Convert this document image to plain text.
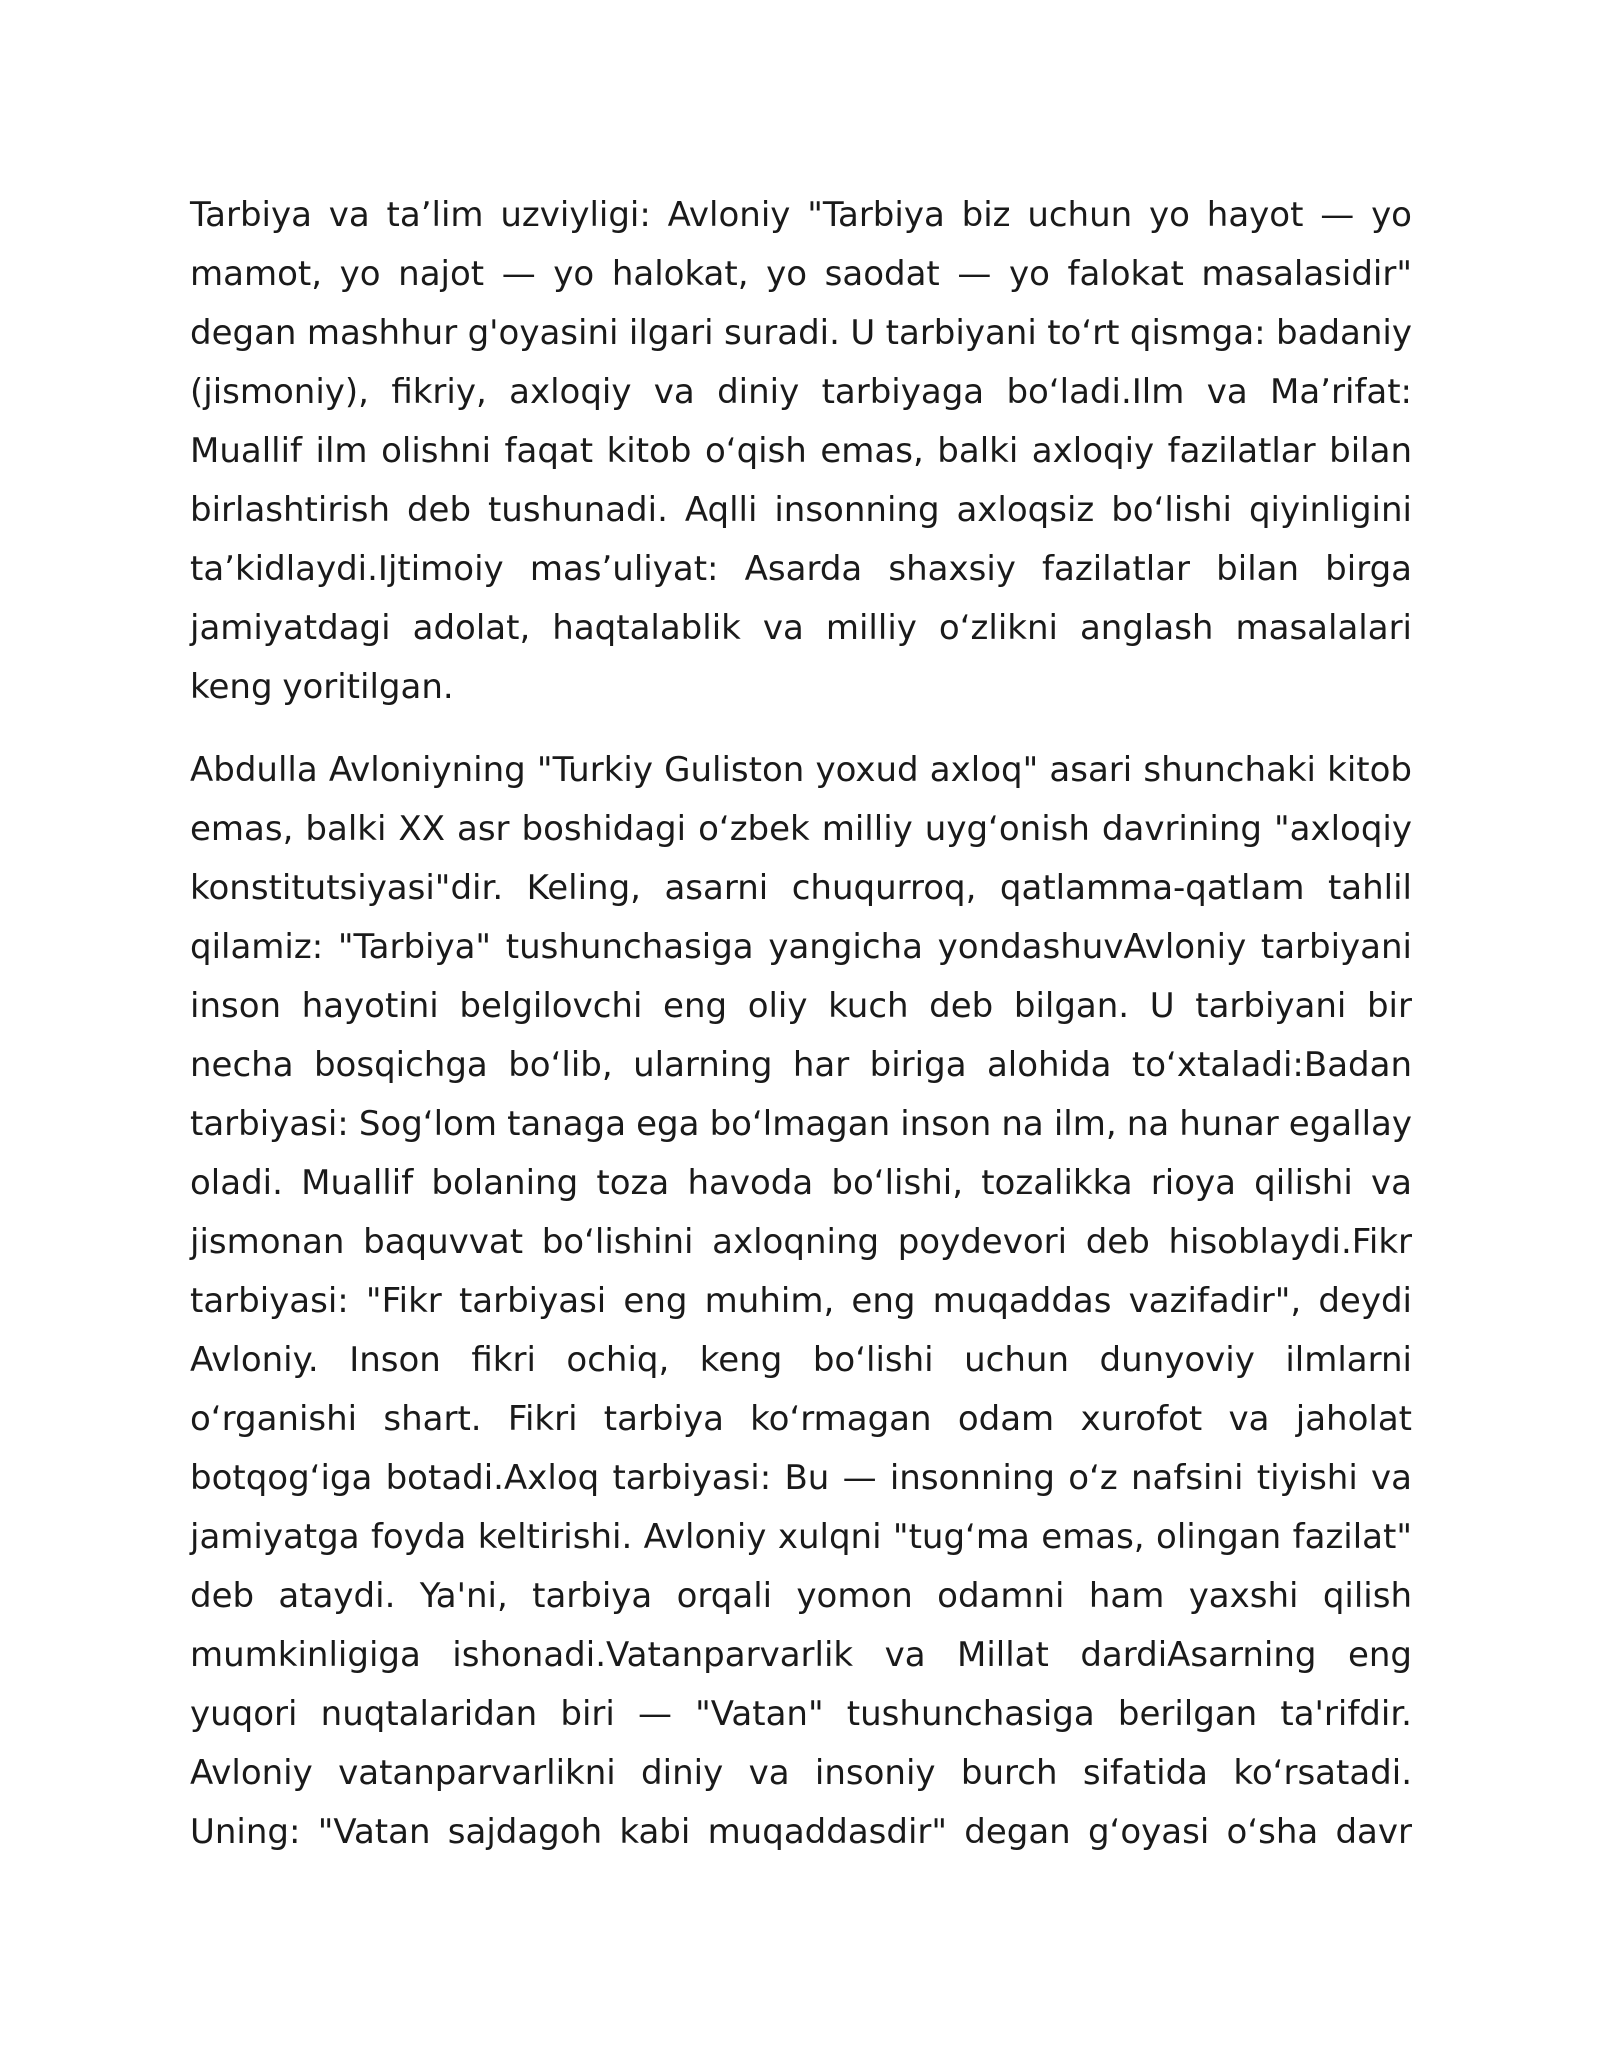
Tarbiya va ta’lim uzviyligi: Avloniy "Tarbiya biz uchun yo hayot — yo mamot, yo najot — yo halokat, yo saodat — yo falokat masalasidir" degan mashhur g'oyasini ilgari suradi. U tarbiyani to‘rt qismga: badaniy (jismoniy), fikriy, axloqiy va diniy tarbiyaga bo‘ladi.Ilm va Ma’rifat: Muallif ilm olishni faqat kitob o‘qish emas, balki axloqiy fazilatlar bilan birlashtirish deb tushunadi. Aqlli insonning axloqsiz bo‘lishi qiyinligini ta’kidlaydi.Ijtimoiy mas’uliyat: Asarda shaxsiy fazilatlar bilan birga jamiyatdagi adolat, haqtalablik va milliy o‘zlikni anglash masalalari keng yoritilgan.

Abdulla Avloniyning "Turkiy Guliston yoxud axloq" asari shunchaki kitob emas, balki XX asr boshidagi o‘zbek milliy uyg‘onish davrining "axloqiy konstitutsiyasi"dir. Keling, asarni chuqurroq, qatlamma-qatlam tahlil qilamiz: "Tarbiya" tushunchasiga yangicha yondashuvAvloniy tarbiyani inson hayotini belgilovchi eng oliy kuch deb bilgan. U tarbiyani bir necha bosqichga bo‘lib, ularning har biriga alohida to‘xtaladi:Badan tarbiyasi: Sog‘lom tanaga ega bo‘lmagan inson na ilm, na hunar egallay oladi. Muallif bolaning toza havoda bo‘lishi, tozalikka rioya qilishi va jismonan baquvvat bo‘lishini axloqning poydevori deb hisoblaydi.Fikr tarbiyasi: "Fikr tarbiyasi eng muhim, eng muqaddas vazifadir", deydi Avloniy. Inson fikri ochiq, keng bo‘lishi uchun dunyoviy ilmlarni o‘rganishi shart. Fikri tarbiya ko‘rmagan odam xurofot va jaholat botqog‘iga botadi.Axloq tarbiyasi: Bu — insonning o‘z nafsini tiyishi va jamiyatga foyda keltirishi. Avloniy xulqni "tug‘ma emas, olingan fazilat" deb ataydi. Ya'ni, tarbiya orqali yomon odamni ham yaxshi qilish mumkinligiga ishonadi.Vatanparvarlik va Millat dardiAsarning eng yuqori nuqtalaridan biri — "Vatan" tushunchasiga berilgan ta'rifdir. Avloniy vatanparvarlikni diniy va insoniy burch sifatida ko‘rsatadi. Uning: "Vatan sajdagoh kabi muqaddasdir" degan g‘oyasi o‘sha davr
